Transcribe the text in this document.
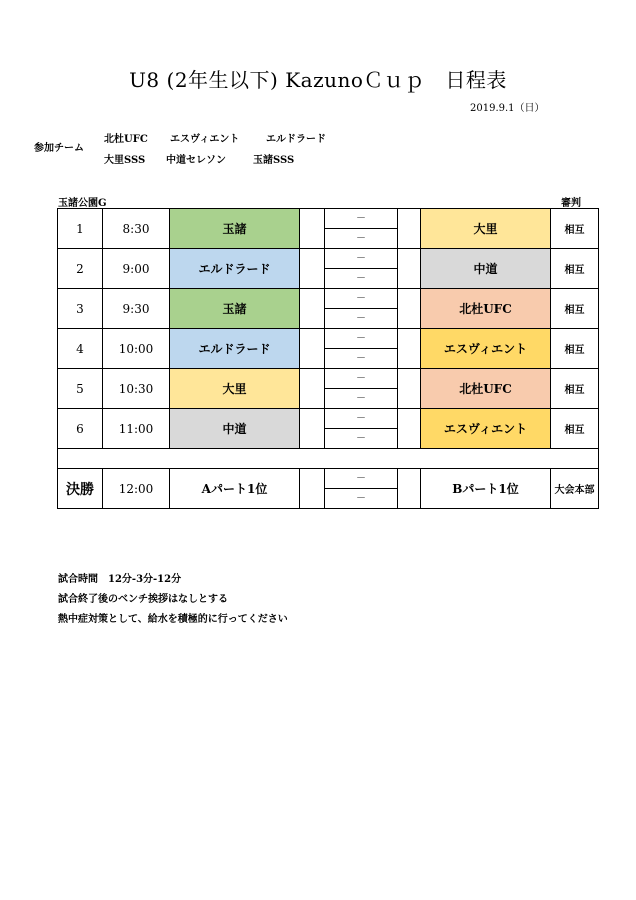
U8 (2年生以下) KazunoＣｕｐ　日程表
2019.9.1（日）
参加チーム
北杜UFC エスヴィエント	エルドラード
大里SSS 中道セレソン	玉諸SSS
玉諸公園G	審判
1	8:30	玉諸		－		大里	相互
				－			
2	9:00	エルドラード		－		中道	相互
				－			
3	9:30	玉諸		－		北杜UFC	相互
				－			
4	10:00	エルドラード		－		エスヴィエント	相互
				－			
5	10:30	大里		－		北杜UFC	相互
				－			
6	11:00	中道		－		エスヴィエント	相互
				－			

決勝	12:00	Aパート1位		－		Bパート1位	大会本部
				－			
試合時間　12分-3分-12分
試合終了後のベンチ挨拶はなしとする
熱中症対策として、給水を積極的に行ってください
